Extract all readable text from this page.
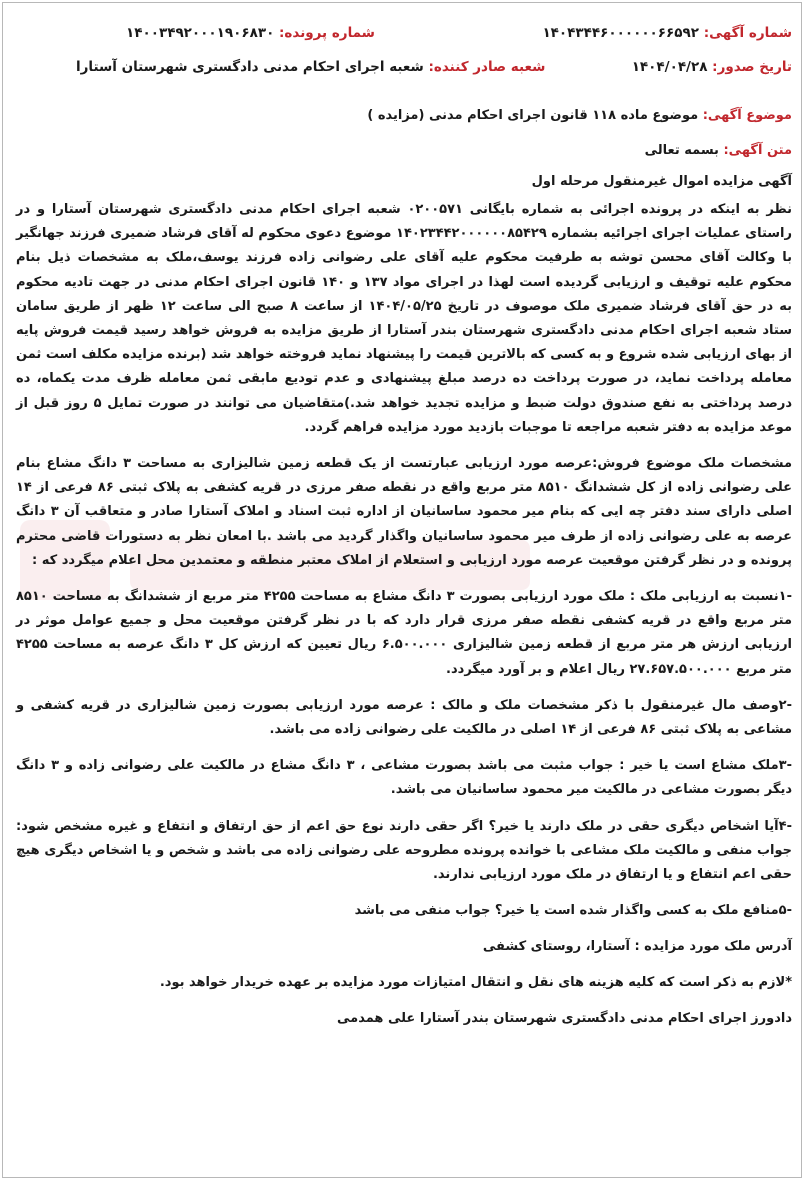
شماره آگهی: ۱۴۰۴۳۴۴۶۰۰۰۰۰۰۶۶۵۹۲
شماره پرونده: ۱۴۰۰۳۴۹۲۰۰۰۱۹۰۶۸۳۰
تاریخ صدور: ۱۴۰۴/۰۴/۲۸
شعبه صادر کننده: شعبه اجرای احکام مدنی دادگستری شهرستان آستارا
موضوع آگهی: موضوع ماده ۱۱۸ قانون اجرای احکام مدنی (مزایده )
متن آگهی: بسمه تعالی
آگهی مزایده اموال غیرمنقول مرحله اول

نظر به اینکه در پرونده اجرائی به شماره بایگانی ۰۲۰۰۵۷۱ شعبه اجرای احکام مدنی دادگستری شهرستان آستارا و در راستای عملیات اجرای اجرائیه بشماره ۱۴۰۲۳۴۴۲۰۰۰۰۰۰۸۵۴۲۹ موضوع دعوی محکوم له آقای فرشاد ضمیری فرزند جهانگیر با وکالت آقای محسن توشه به طرفیت محکوم علیه آقای علی رضوانی زاده فرزند یوسف،ملک به مشخصات ذیل بنام محکوم علیه توقیف و ارزیابی گردیده است لهذا در اجرای مواد ۱۳۷ و ۱۴۰ قانون اجرای احکام مدنی در جهت تادیه محکوم به در حق آقای فرشاد ضمیری ملک موصوف در تاریخ ۱۴۰۴/۰۵/۲۵ از ساعت ۸ صبح الی ساعت ۱۲ ظهر از طریق سامان ستاد شعبه اجرای احکام مدنی دادگستری شهرستان بندر آستارا از طریق مزایده به فروش خواهد رسید قیمت فروش پایه از بهای ارزیابی شده شروع و به کسی که بالاترین قیمت را پیشنهاد نماید فروخته خواهد شد (برنده مزایده مکلف است ثمن معامله پرداخت نماید، در صورت پرداخت ده درصد مبلغ پیشنهادی و عدم تودیع مابقی ثمن معامله ظرف مدت یکماه، ده درصد پرداختی به نفع صندوق دولت ضبط و مزایده تجدید خواهد شد.)متقاضیان می توانند در صورت تمایل ۵ روز قبل از موعد مزایده به دفتر شعبه مراجعه تا موجبات بازدید مورد مزایده فراهم گردد.

مشخصات ملک موضوع فروش:عرصه مورد ارزیابی عبارتست از یک قطعه زمین شالیزاری به مساحت ۳ دانگ مشاع بنام علی رضوانی زاده از کل ششدانگ ۸۵۱۰ متر مربع واقع در نقطه صفر مرزی در قریه کشفی به پلاک ثبتی ۸۶ فرعی از ۱۴ اصلی دارای سند دفتر چه ایی که بنام میر محمود ساسانیان از اداره ثبت اسناد و املاک آستارا صادر و متعاقب آن ۳ دانگ عرصه به علی رضوانی زاده از طرف میر محمود ساسانیان واگذار گردید می باشد .با امعان نظر به دستورات قاضی محترم پرونده و در نظر گرفتن موقعیت عرصه مورد ارزیابی و استعلام از املاک معتبر منطقه و معتمدین محل اعلام میگردد که :

-۱نسبت به ارزیابی ملک : ملک مورد ارزیابی بصورت ۳ دانگ مشاع به مساحت ۴۲۵۵ متر مربع از ششدانگ به مساحت ۸۵۱۰ متر مربع واقع در قریه کشفی نقطه صفر مرزی قرار دارد که با در نظر گرفتن موقعیت محل و جمیع عوامل موثر در ارزیابی ارزش هر متر مربع از قطعه زمین شالیزاری ۶.۵۰۰.۰۰۰ ریال تعیین که ارزش کل ۳ دانگ عرصه به مساحت ۴۲۵۵ متر مربع ۲۷.۶۵۷.۵۰۰.۰۰۰ ریال اعلام و بر آورد میگردد.

-۲وصف مال غیرمنقول با ذکر مشخصات ملک و مالک : عرصه مورد ارزیابی بصورت زمین شالیزاری در قریه کشفی و مشاعی به پلاک ثبتی ۸۶ فرعی از ۱۴ اصلی در مالکیت علی رضوانی زاده می باشد.

-۳ملک مشاع است یا خیر : جواب مثبت می باشد بصورت مشاعی ، ۳ دانگ مشاع در مالکیت علی رضوانی زاده و ۳ دانگ دیگر بصورت مشاعی در مالکیت میر محمود ساسانیان می باشد.

-۴آیا اشخاص دیگری حقی در ملک دارند یا خیر؟ اگر حقی دارند نوع حق اعم از حق ارتفاق و انتفاع و غیره مشخص شود: جواب منفی و مالکیت ملک مشاعی با خوانده پرونده مطروحه علی رضوانی زاده می باشد و شخص و یا اشخاص دیگری هیچ حقی اعم انتفاع و یا ارتفاق در ملک مورد ارزیابی ندارند.

-۵منافع ملک به کسی واگذار شده است یا خیر؟ جواب منفی می باشد

آدرس ملک مورد مزایده : آستارا، روستای کشفی

*لازم به ذکر است که کلیه هزینه های نقل و انتقال امتیازات مورد مزایده بر عهده خریدار خواهد بود.

دادورز اجرای احکام مدنی دادگستری شهرستان بندر آستارا علی همدمی
